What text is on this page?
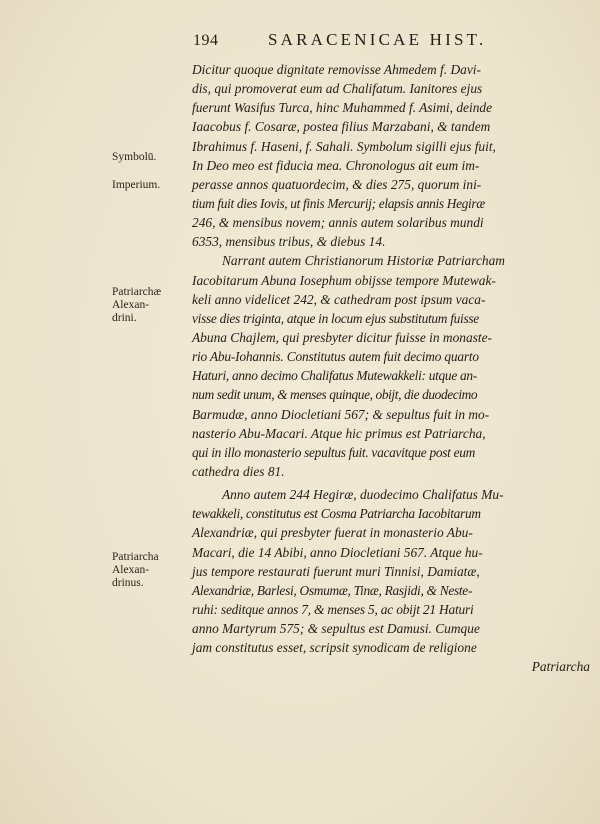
194	SARACENICAE HIST.
Symbolū.
Imperium.
Patriarchæ
Alexan-
drini.
Patriarcha
Alexan-
drinus.
Dicitur quoque dignitate removisse Ahmedem f. Davi-
dis, qui promoverat eum ad Chalifatum. Ianitores ejus
fuerunt Wasifus Turca, hinc Muhammed f. Asimi, deinde
Iaacobus f. Cosaræ, postea filius Marzabani, & tandem
Ibrahimus f. Haseni, f. Sahali. Symbolum sigilli ejus fuit,
In Deo meo est fiducia mea. Chronologus ait eum im-
perasse annos quatuordecim, & dies 275, quorum ini-
tium fuit dies Iovis, ut finis Mercurij; elapsis annis Hegiræ
246, & mensibus novem; annis autem solaribus mundi
6353, mensibus tribus, & diebus 14.
Narrant autem Christianorum Historiæ Patriarcham
Iacobitarum Abuna Iosephum obijsse tempore Mutewak-
keli anno videlicet 242, & cathedram post ipsum vaca-
visse dies triginta, atque in locum ejus substitutum fuisse
Abuna Chajlem, qui presbyter dicitur fuisse in monaste-
rio Abu-Iohannis. Constitutus autem fuit decimo quarto
Haturi, anno decimo Chalifatus Mutewakkeli: utque an-
num sedit unum, & menses quinque, obijt, die duodecimo
Barmudæ, anno Diocletiani 567; & sepultus fuit in mo-
nasterio Abu-Macari. Atque hic primus est Patriarcha,
qui in illo monasterio sepultus fuit. vacavitque post eum
cathedra dies 81.
Anno autem 244 Hegiræ, duodecimo Chalifatus Mu-
tewakkeli, constitutus est Cosma Patriarcha Iacobitarum
Alexandriæ, qui presbyter fuerat in monasterio Abu-
Macari, die 14 Abibi, anno Diocletiani 567. Atque hu-
jus tempore restaurati fuerunt muri Tinnisi, Damiatæ,
Alexandriæ, Barlesi, Osmumæ, Tinæ, Rasjidi, & Neste-
ruhi: seditque annos 7, & menses 5, ac obijt 21 Haturi
anno Martyrum 575; & sepultus est Damusi. Cumque
jam constitutus esset, scripsit synodicam de religione
Patriarcha
